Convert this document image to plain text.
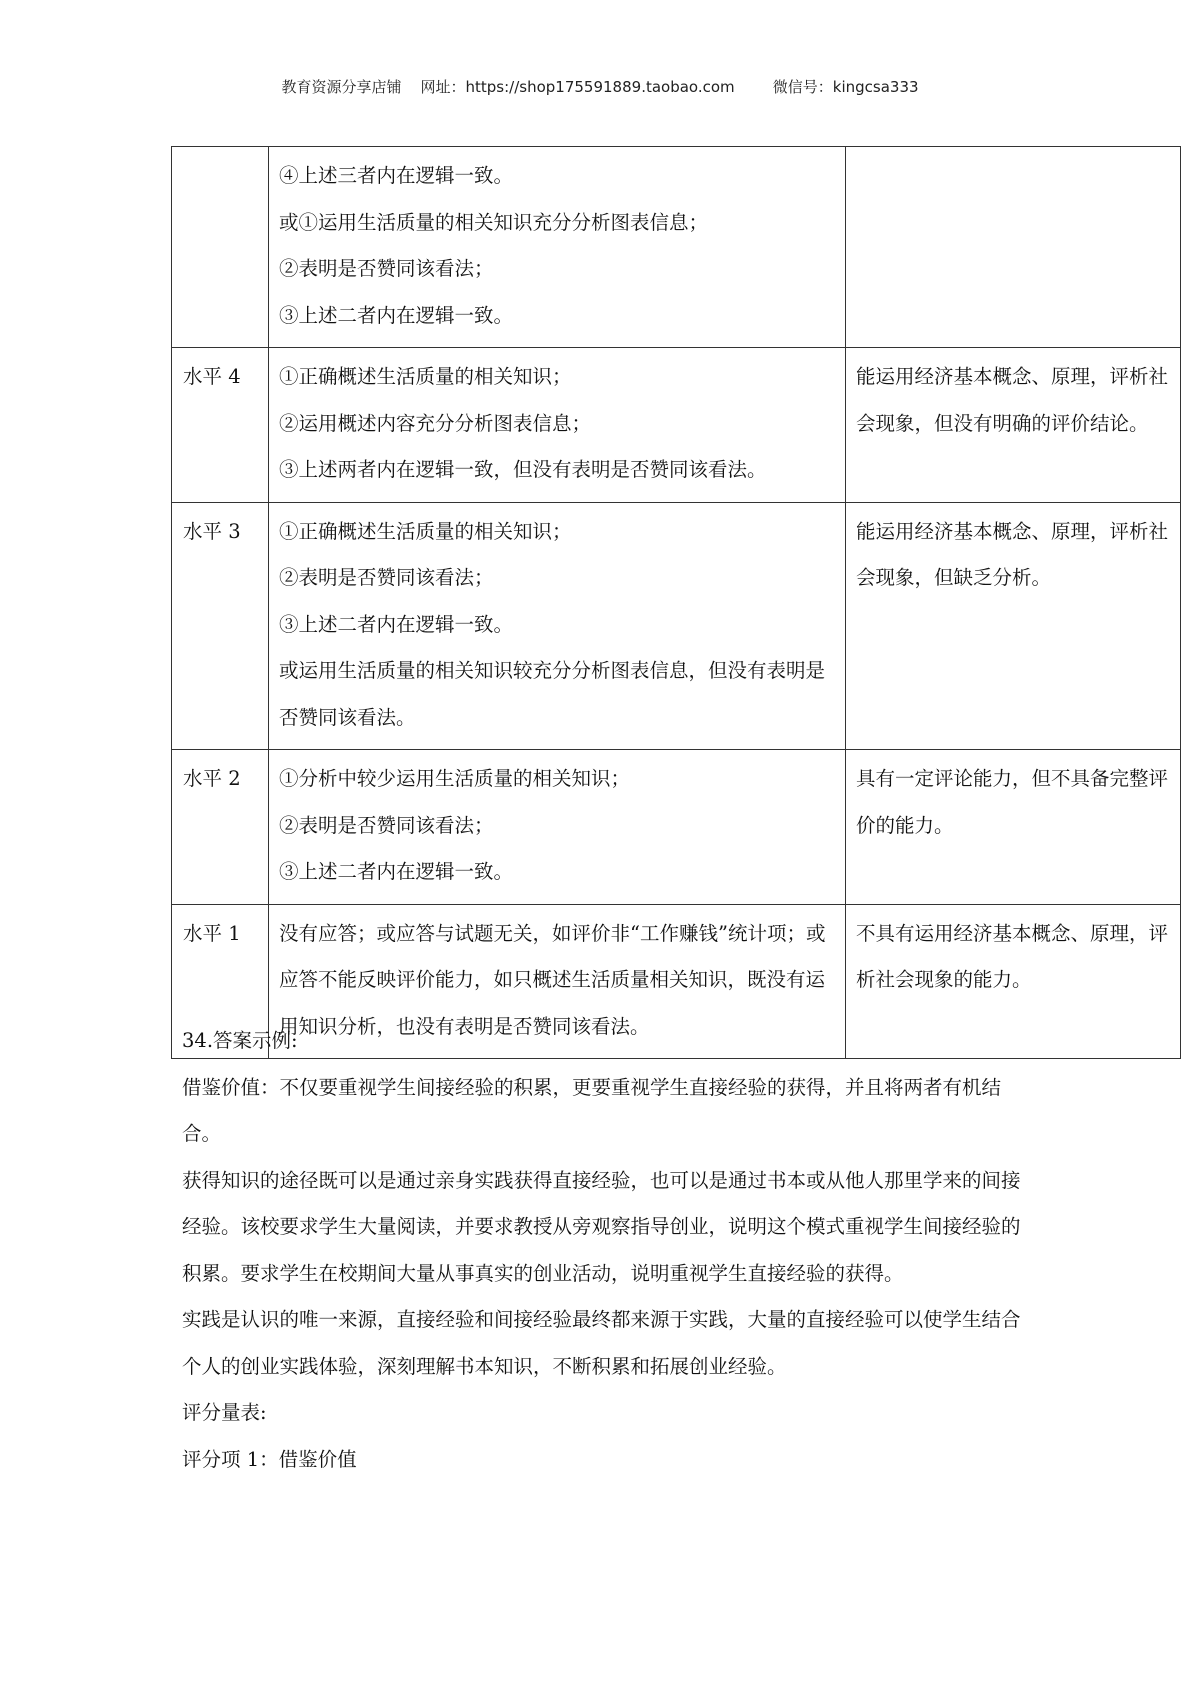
教育资源分享店铺    网址：https://shop175591889.taobao.com        微信号：kingcsa333

	④上述三者内在逻辑一致。

或①运用生活质量的相关知识充分分析图表信息；

②表明是否赞同该看法；

③上述二者内在逻辑一致。	

水平 4	①正确概述生活质量的相关知识；

②运用概述内容充分分析图表信息；

③上述两者内在逻辑一致，但没有表明是否赞同该看法。	能运用经济基本概念、原理，评析社会现象，但没有明确的评价结论。

水平 3	①正确概述生活质量的相关知识；

②表明是否赞同该看法；

③上述二者内在逻辑一致。

或运用生活质量的相关知识较充分分析图表信息，但没有表明是否赞同该看法。	能运用经济基本概念、原理，评析社会现象，但缺乏分析。

水平 2	①分析中较少运用生活质量的相关知识；

②表明是否赞同该看法；

③上述二者内在逻辑一致。	具有一定评论能力，但不具备完整评价的能力。

水平 1	没有应答；或应答与试题无关，如评价非“工作赚钱”统计项；或应答不能反映评价能力，如只概述生活质量相关知识，既没有运用知识分析，也没有表明是否赞同该看法。	不具有运用经济基本概念、原理，评析社会现象的能力。

34.答案示例:

借鉴价值：不仅要重视学生间接经验的积累，更要重视学生直接经验的获得，并且将两者有机结合。

获得知识的途径既可以是通过亲身实践获得直接经验，也可以是通过书本或从他人那里学来的间接经验。该校要求学生大量阅读，并要求教授从旁观察指导创业，说明这个模式重视学生间接经验的积累。要求学生在校期间大量从事真实的创业活动，说明重视学生直接经验的获得。

实践是认识的唯一来源，直接经验和间接经验最终都来源于实践，大量的直接经验可以使学生结合个人的创业实践体验，深刻理解书本知识，不断积累和拓展创业经验。

评分量表:

评分项 1：借鉴价值
